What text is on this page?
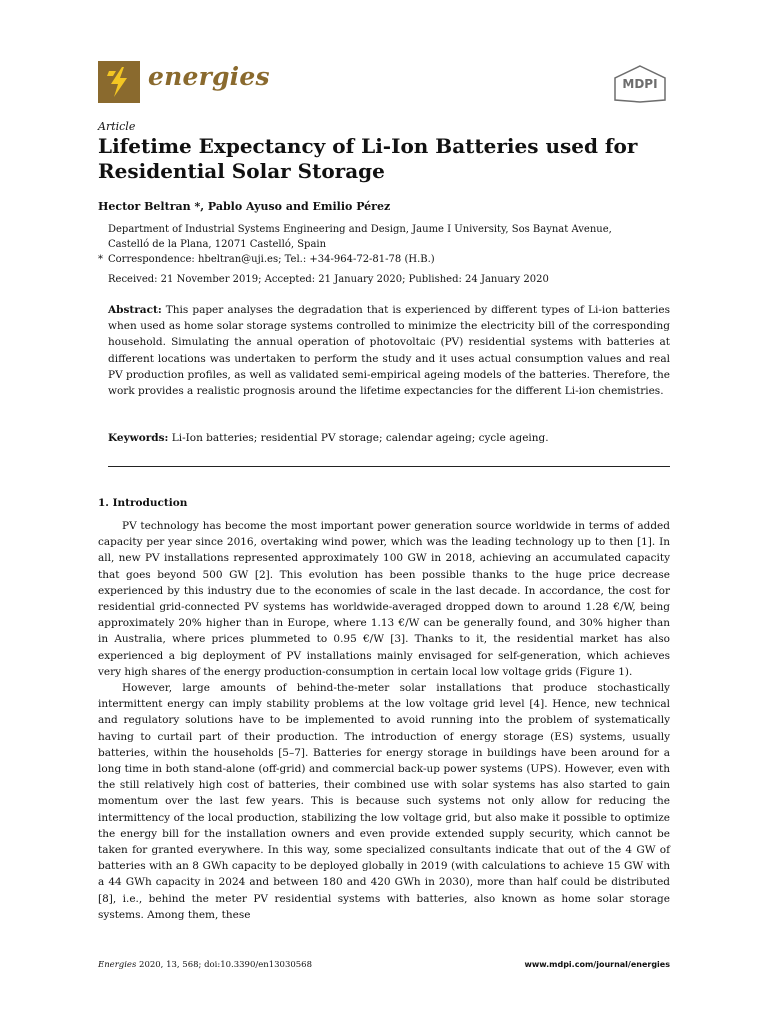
energies	MDPI
Article
Lifetime Expectancy of Li-Ion Batteries used for Residential Solar Storage
Hector Beltran *, Pablo Ayuso and Emilio Pérez
Department of Industrial Systems Engineering and Design, Jaume I University, Sos Baynat Avenue,
Castelló de la Plana, 12071 Castelló, Spain
* Correspondence: hbeltran@uji.es; Tel.: +34-964-72-81-78 (H.B.)
Received: 21 November 2019; Accepted: 21 January 2020; Published: 24 January 2020
Abstract: This paper analyses the degradation that is experienced by different types of Li-ion batteries when used as home solar storage systems controlled to minimize the electricity bill of the corresponding household. Simulating the annual operation of photovoltaic (PV) residential systems with batteries at different locations was undertaken to perform the study and it uses actual consumption values and real PV production profiles, as well as validated semi-empirical ageing models of the batteries. Therefore, the work provides a realistic prognosis around the lifetime expectancies for the different Li-ion chemistries.
Keywords: Li-Ion batteries; residential PV storage; calendar ageing; cycle ageing.
1. Introduction

PV technology has become the most important power generation source worldwide in terms of added capacity per year since 2016, overtaking wind power, which was the leading technology up to then [1]. In all, new PV installations represented approximately 100 GW in 2018, achieving an accumulated capacity that goes beyond 500 GW [2]. This evolution has been possible thanks to the huge price decrease experienced by this industry due to the economies of scale in the last decade. In accordance, the cost for residential grid-connected PV systems has worldwide-averaged dropped down to around 1.28 €/W, being approximately 20% higher than in Europe, where 1.13 €/W can be generally found, and 30% higher than in Australia, where prices plummeted to 0.95 €/W [3]. Thanks to it, the residential market has also experienced a big deployment of PV installations mainly envisaged for self-generation, which achieves very high shares of the energy production-consumption in certain local low voltage grids (Figure 1).

However, large amounts of behind-the-meter solar installations that produce stochastically intermittent energy can imply stability problems at the low voltage grid level [4]. Hence, new technical and regulatory solutions have to be implemented to avoid running into the problem of systematically having to curtail part of their production. The introduction of energy storage (ES) systems, usually batteries, within the households [5–7]. Batteries for energy storage in buildings have been around for a long time in both stand-alone (off-grid) and commercial back-up power systems (UPS). However, even with the still relatively high cost of batteries, their combined use with solar systems has also started to gain momentum over the last few years. This is because such systems not only allow for reducing the intermittency of the local production, stabilizing the low voltage grid, but also make it possible to optimize the energy bill for the installation owners and even provide extended supply security, which cannot be taken for granted everywhere. In this way, some specialized consultants indicate that out of the 4 GW of batteries with an 8 GWh capacity to be deployed globally in 2019 (with calculations to achieve 15 GW with a 44 GWh capacity in 2024 and between 180 and 420 GWh in 2030), more than half could be distributed [8], i.e., behind the meter PV residential systems with batteries, also known as home solar storage systems. Among them, these

Energies 2020, 13, 568; doi:10.3390/en13030568	www.mdpi.com/journal/energies
